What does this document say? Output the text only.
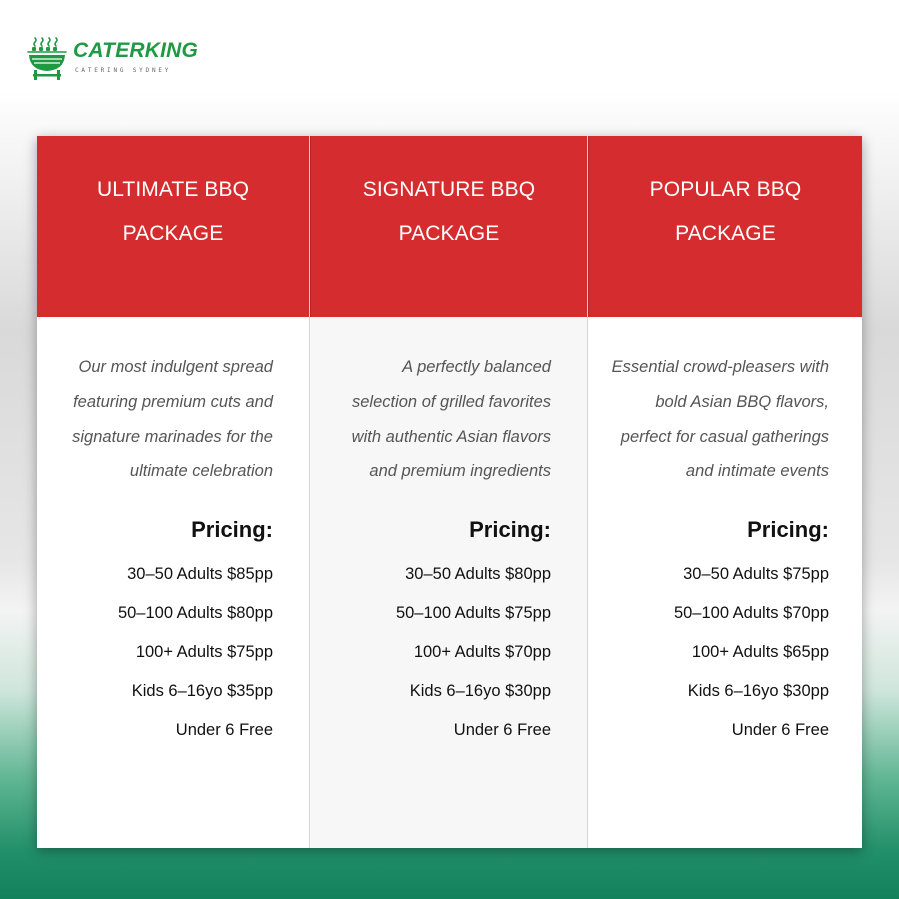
CATERKING
CATERING SYDNEY
ULTIMATE BBQ
PACKAGE
Our most indulgent spread featuring premium cuts and signature marinades for the ultimate celebration
Pricing:
30–50 Adults $85pp
50–100 Adults $80pp
100+ Adults $75pp
Kids 6–16yo $35pp
Under 6 Free
SIGNATURE BBQ
PACKAGE
A perfectly balanced selection of grilled favorites with authentic Asian flavors and premium ingredients
Pricing:
30–50 Adults $80pp
50–100 Adults $75pp
100+ Adults $70pp
Kids 6–16yo $30pp
Under 6 Free
POPULAR BBQ
PACKAGE
Essential crowd-pleasers with bold Asian BBQ flavors, perfect for casual gatherings and intimate events
Pricing:
30–50 Adults $75pp
50–100 Adults $70pp
100+ Adults $65pp
Kids 6–16yo $30pp
Under 6 Free
